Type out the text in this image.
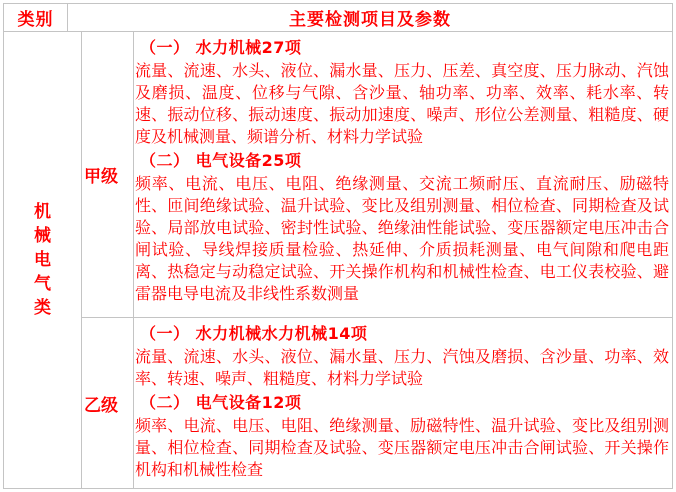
类别	主要检测项目及参数
机械电气类
甲级
（一） 水力机械27项
流量、流速、水头、液位、漏水量、压力、压差、真空度、压力脉动、汽蚀及磨损、温度、位移与气隙、含沙量、轴功率、功率、效率、耗水率、转速、振动位移、振动速度、振动加速度、噪声、形位公差测量、粗糙度、硬度及机械测量、频谱分析、材料力学试验
（二） 电气设备25项
频率、电流、电压、电阻、绝缘测量、交流工频耐压、直流耐压、励磁特性、匝间绝缘试验、温升试验、变比及组别测量、相位检查、同期检查及试验、局部放电试验、密封性试验、绝缘油性能试验、变压器额定电压冲击合闸试验、导线焊接质量检验、热延伸、介质损耗测量、电气间隙和爬电距离、热稳定与动稳定试验、开关操作机构和机械性检查、电工仪表校验、避雷器电导电流及非线性系数测量
乙级
（一） 水力机械水力机械14项
流量、流速、水头、液位、漏水量、压力、汽蚀及磨损、含沙量、功率、效率、转速、噪声、粗糙度、材料力学试验
（二） 电气设备12项
频率、电流、电压、电阻、绝缘测量、励磁特性、温升试验、变比及组别测量、相位检查、同期检查及试验、变压器额定电压冲击合闸试验、开关操作机构和机械性检查
